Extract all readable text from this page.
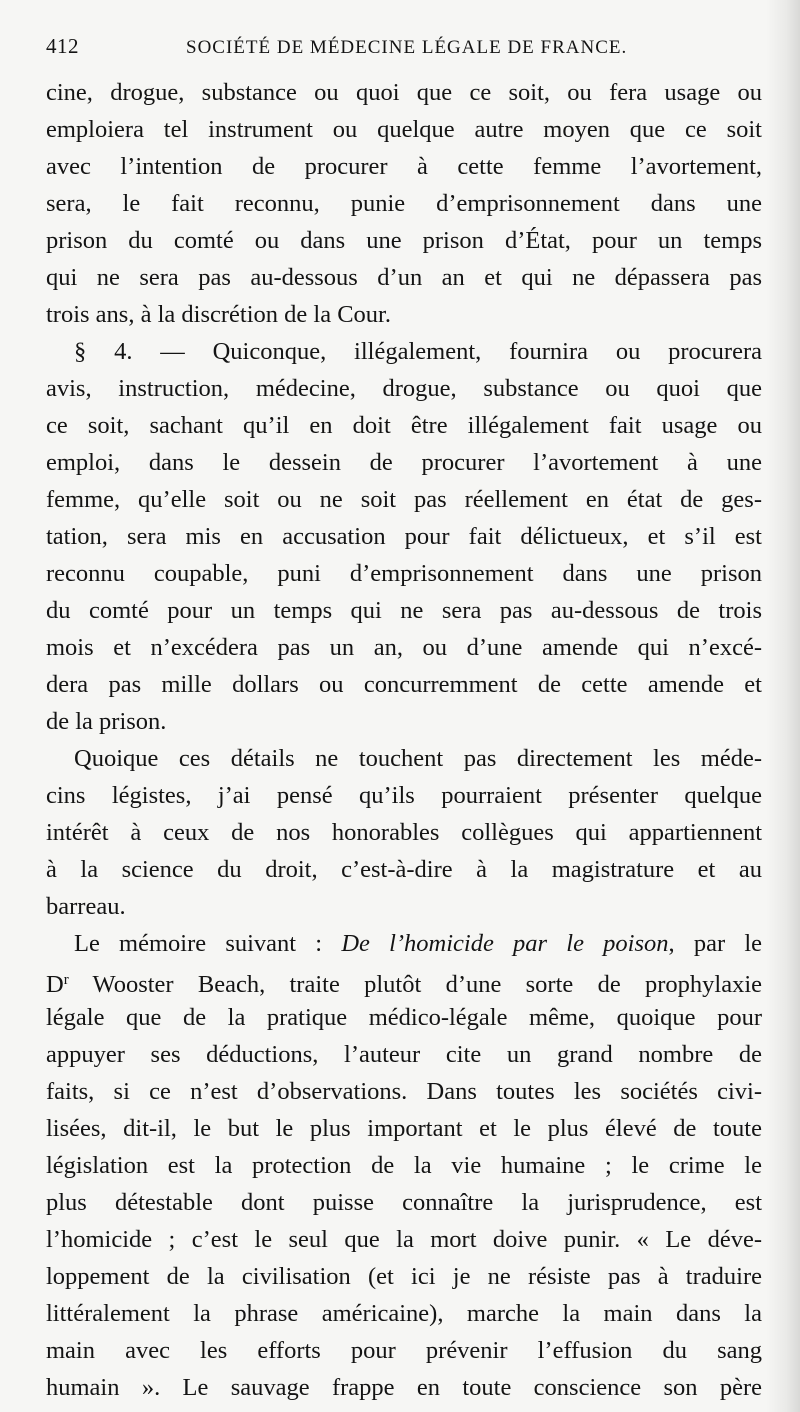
412	SOCIÉTÉ DE MÉDECINE LÉGALE DE FRANCE.
cine, drogue, substance ou quoi que ce soit, ou fera usage ou
emploiera tel instrument ou quelque autre moyen que ce soit
avec l’intention de procurer à cette femme l’avortement,
sera, le fait reconnu, punie d’emprisonnement dans une
prison du comté ou dans une prison d’État, pour un temps
qui ne sera pas au-dessous d’un an et qui ne dépassera pas
trois ans, à la discrétion de la Cour.
§ 4. — Quiconque, illégalement, fournira ou procurera
avis, instruction, médecine, drogue, substance ou quoi que
ce soit, sachant qu’il en doit être illégalement fait usage ou
emploi, dans le dessein de procurer l’avortement à une
femme, qu’elle soit ou ne soit pas réellement en état de ges-
tation, sera mis en accusation pour fait délictueux, et s’il est
reconnu coupable, puni d’emprisonnement dans une prison
du comté pour un temps qui ne sera pas au-dessous de trois
mois et n’excédera pas un an, ou d’une amende qui n’excé-
dera pas mille dollars ou concurremment de cette amende et
de la prison.
Quoique ces détails ne touchent pas directement les méde-
cins légistes, j’ai pensé qu’ils pourraient présenter quelque
intérêt à ceux de nos honorables collègues qui appartiennent
à la science du droit, c’est-à-dire à la magistrature et au
barreau.
Le mémoire suivant : De l’homicide par le poison, par le
$D^r$ Wooster Beach, traite plutôt d’une sorte de prophylaxie
légale que de la pratique médico-légale même, quoique pour
appuyer ses déductions, l’auteur cite un grand nombre de
faits, si ce n’est d’observations. Dans toutes les sociétés civi-
lisées, dit-il, le but le plus important et le plus élevé de toute
législation est la protection de la vie humaine ; le crime le
plus détestable dont puisse connaître la jurisprudence, est
l’homicide ; c’est le seul que la mort doive punir. « Le déve-
loppement de la civilisation (et ici je ne résiste pas à traduire
littéralement la phrase américaine), marche la main dans la
main avec les efforts pour prévenir l’effusion du sang
humain ». Le sauvage frappe en toute conscience son père
